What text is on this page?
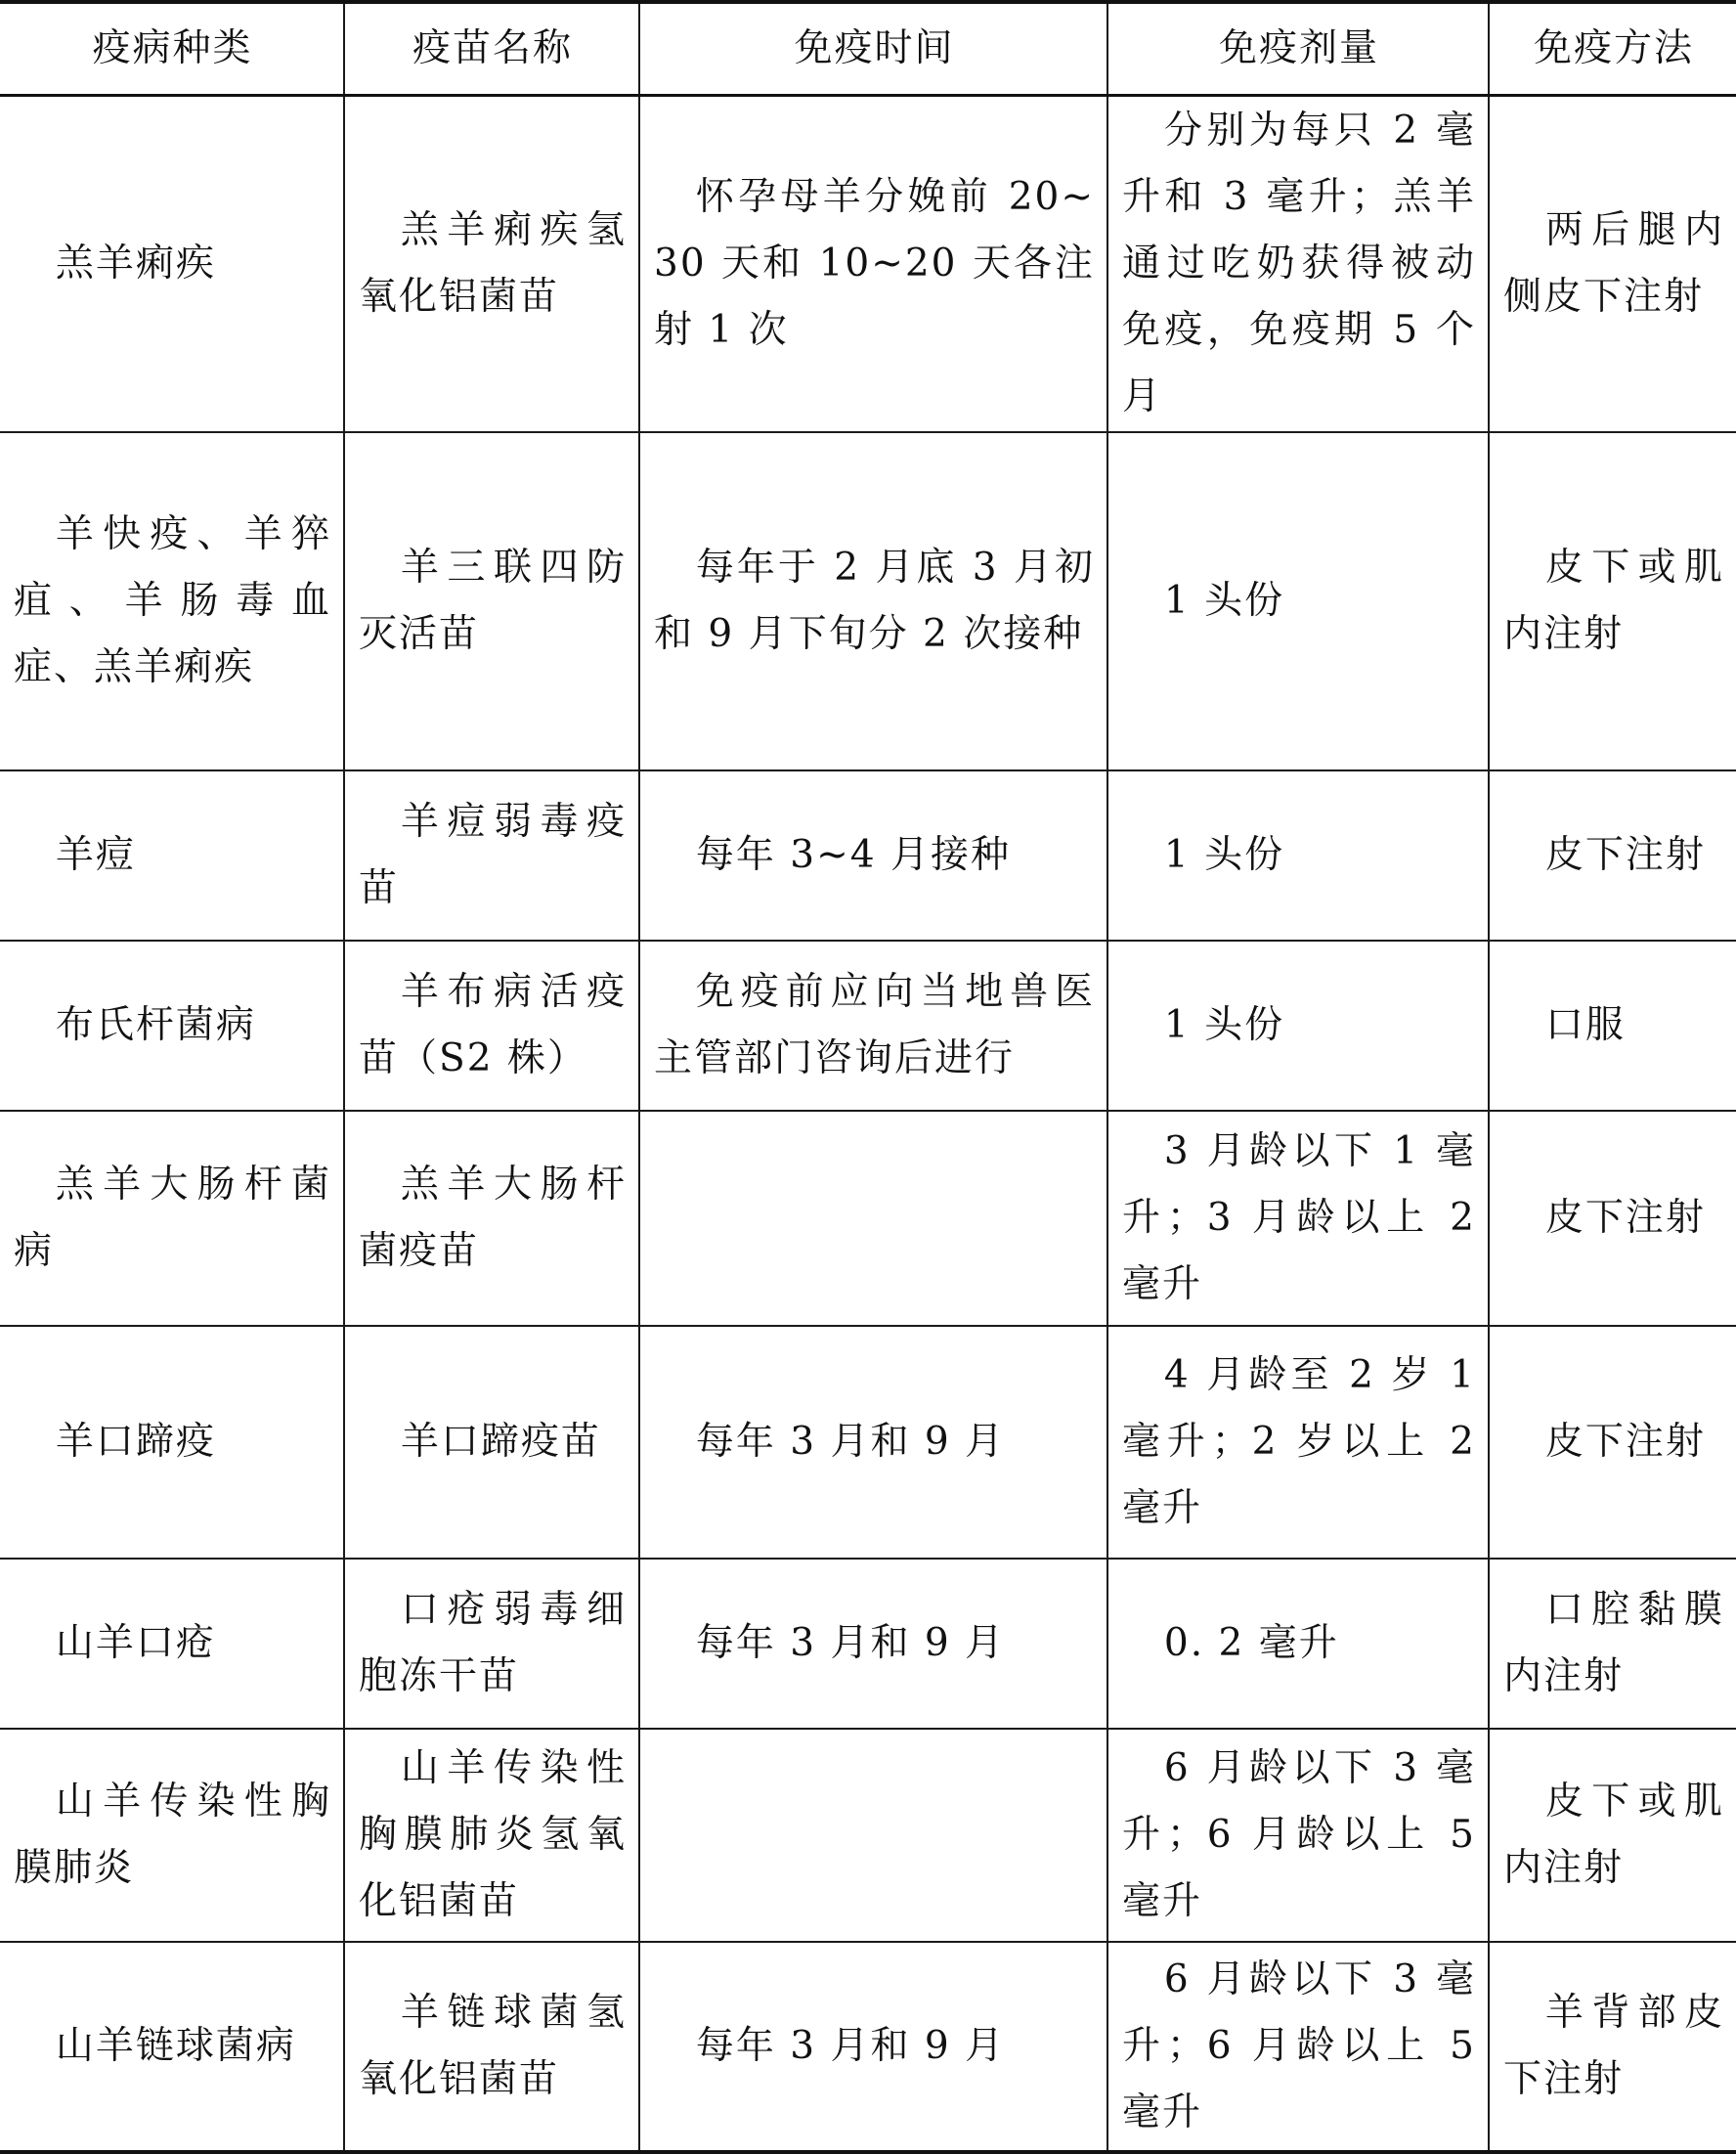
疫病种类	疫苗名称	免疫时间	免疫剂量	免疫方法

羔羊痢疾	羔羊痢疾氢氧化铝菌苗	怀孕母羊分娩前 20~30 天和 10~20 天各注射 1 次	分别为每只 2 毫升和 3 毫升；羔羊通过吃奶获得被动免疫，免疫期 5 个月	两后腿内侧皮下注射

羊快疫、羊猝疽、羊肠毒血症、羔羊痢疾	羊三联四防灭活苗	每年于 2 月底 3 月初和 9 月下旬分 2 次接种	1 头份	皮下或肌内注射

羊痘	羊痘弱毒疫苗	每年 3~4 月接种	1 头份	皮下注射

布氏杆菌病	羊布病活疫苗（S2 株）	免疫前应向当地兽医主管部门咨询后进行	1 头份	口服

羔羊大肠杆菌病	羔羊大肠杆菌疫苗		3 月龄以下 1 毫升；3 月龄以上 2 毫升	皮下注射

羊口蹄疫	羊口蹄疫苗	每年 3 月和 9 月	4 月龄至 2 岁 1 毫升；2 岁以上 2 毫升	皮下注射

山羊口疮	口疮弱毒细胞冻干苗	每年 3 月和 9 月	0. 2 毫升	口腔黏膜内注射

山羊传染性胸膜肺炎	山羊传染性胸膜肺炎氢氧化铝菌苗		6 月龄以下 3 毫升；6 月龄以上 5 毫升	皮下或肌内注射

山羊链球菌病	羊链球菌氢氧化铝菌苗	每年 3 月和 9 月	6 月龄以下 3 毫升；6 月龄以上 5 毫升	羊背部皮下注射
